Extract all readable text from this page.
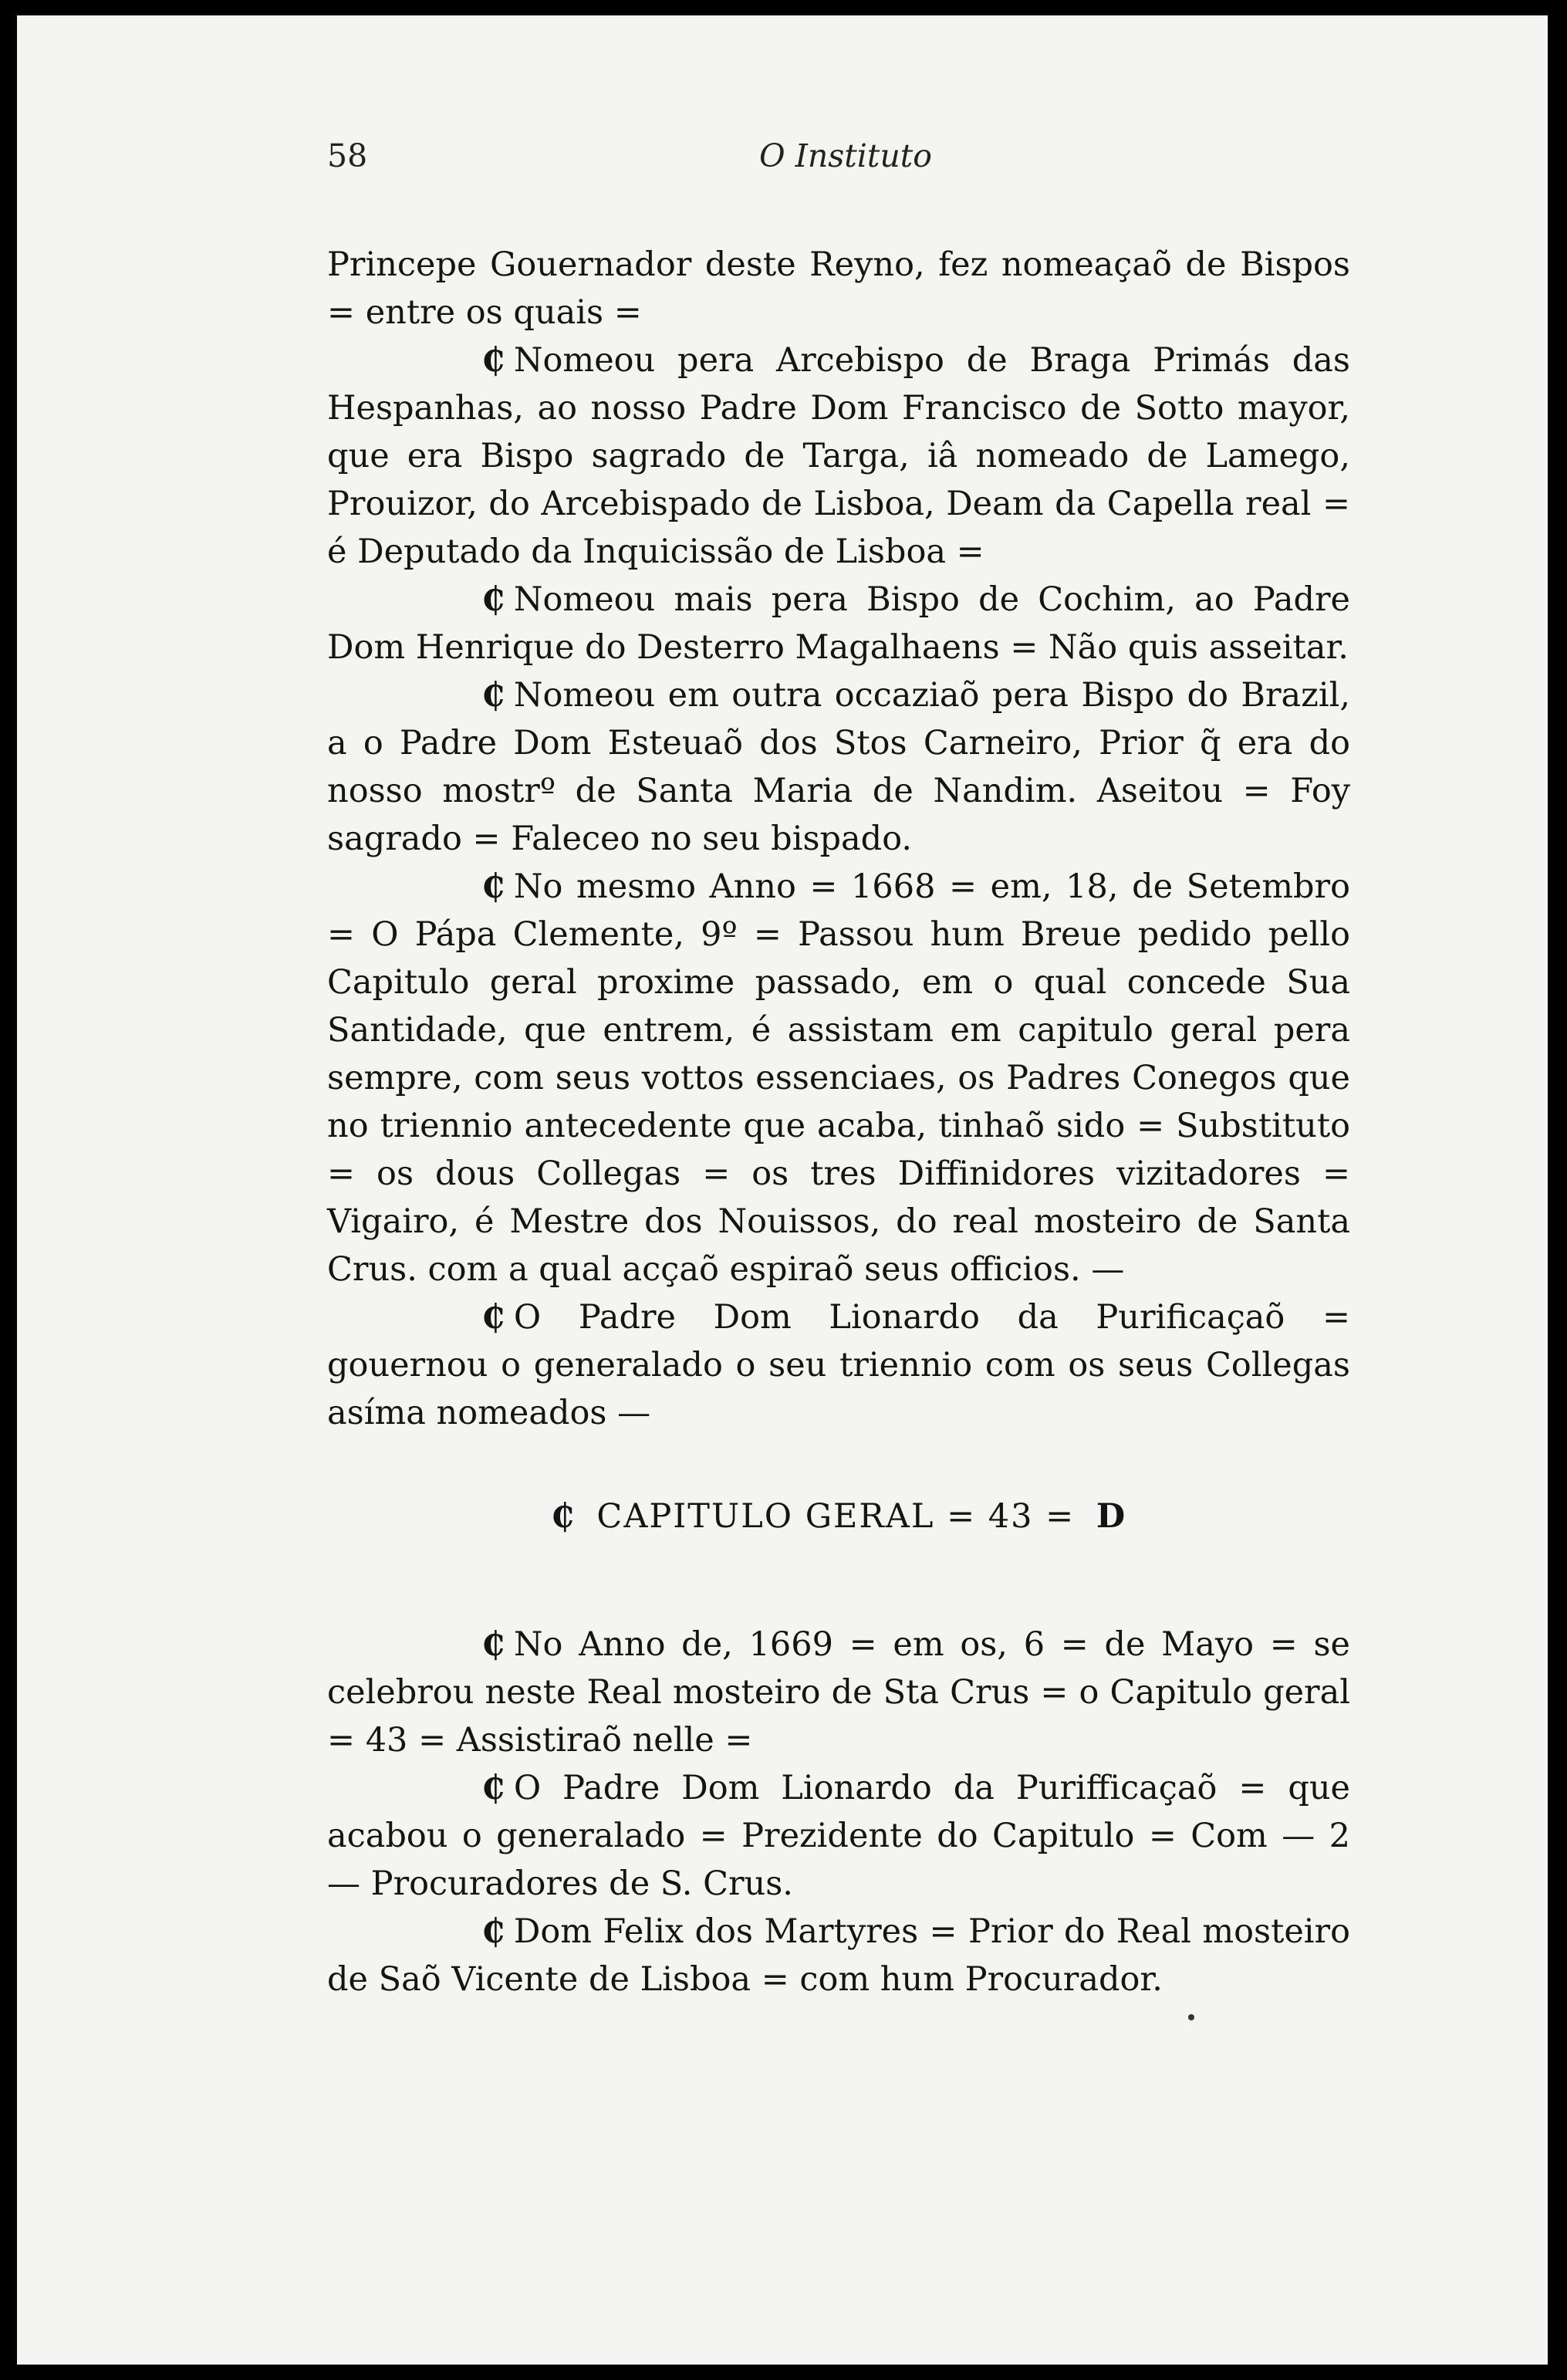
58	O Instituto

Princepe Gouernador deste Reyno, fez nomeaçaõ de Bispos = entre os quais =

₵ Nomeou pera Arcebispo de Braga Primás das Hespanhas, ao nosso Padre Dom Francisco de Sotto mayor, que era Bispo sagrado de Targa, iâ nomeado de Lamego, Prouizor, do Arcebispado de Lisboa, Deam da Capella real = é Deputado da Inquicissão de Lisboa =

₵ Nomeou mais pera Bispo de Cochim, ao Padre Dom Henrique do Desterro Magalhaens = Não quis asseitar.

₵ Nomeou em outra occaziaõ pera Bispo do Brazil, a o Padre Dom Esteuaõ dos Stos Carneiro, Prior q̃ era do nosso mostrº de Santa Maria de Nandim. Aseitou = Foy sagrado = Faleceo no seu bispado.

₵ No mesmo Anno = 1668 = em, 18, de Setembro = O Pápa Clemente, 9º = Passou hum Breue pedido pello Capitulo geral proxime passado, em o qual concede Sua Santidade, que entrem, é assistam em capitulo geral pera sempre, com seus vottos essenciaes, os Padres Conegos que no triennio antecedente que acaba, tinhaõ sido = Substituto = os dous Collegas = os tres Diffinidores vizitadores = Vigairo, é Mestre dos Nouissos, do real mosteiro de Santa Crus. com a qual acçaõ espiraõ seus officios. —

₵ O Padre Dom Lionardo da Purificaçaõ = gouernou o generalado o seu triennio com os seus Collegas asíma nomeados —

₵ CAPITULO GERAL = 43 = D

₵ No Anno de, 1669 = em os, 6 = de Mayo = se celebrou neste Real mosteiro de Sta Crus = o Capitulo geral = 43 = Assistiraõ nelle =

₵ O Padre Dom Lionardo da Purifficaçaõ = que acabou o generalado = Prezidente do Capitulo = Com — 2 — Procuradores de S. Crus.

₵ Dom Felix dos Martyres = Prior do Real mosteiro de Saõ Vicente de Lisboa = com hum Procurador.
